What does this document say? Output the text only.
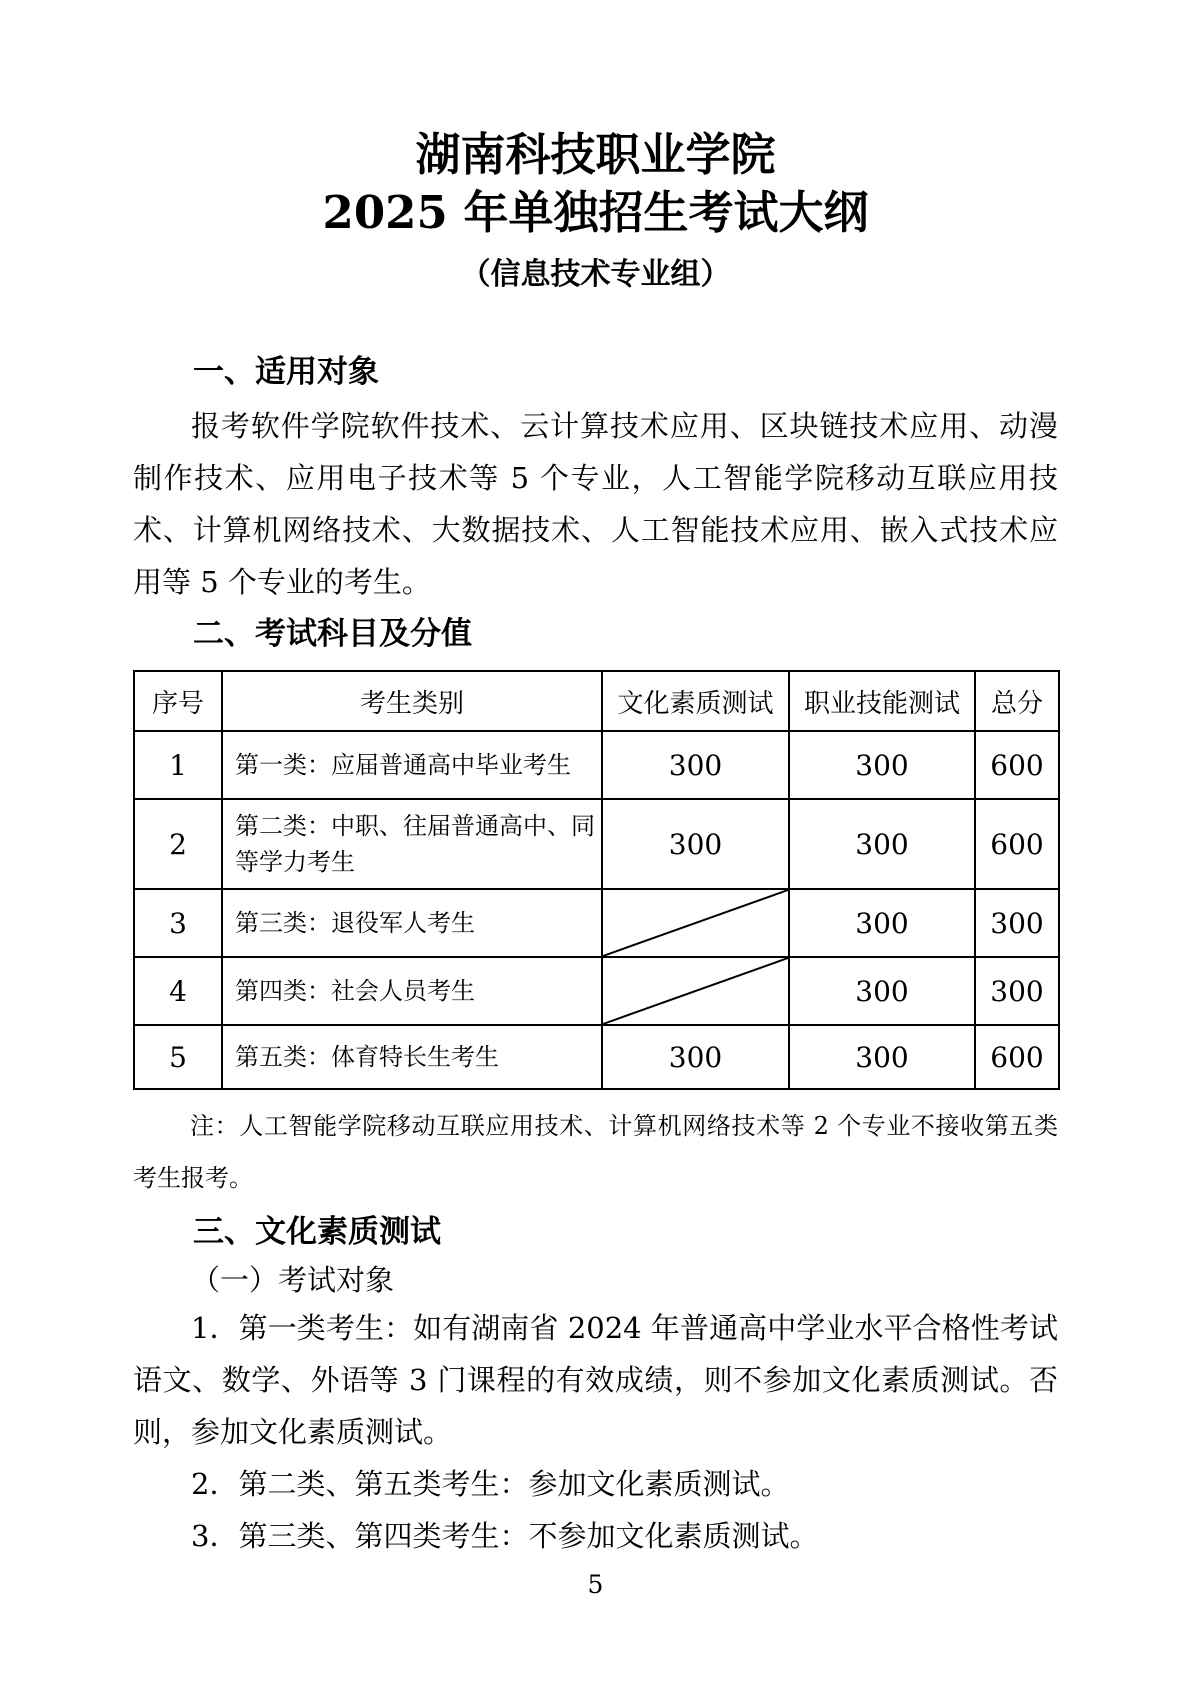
湖南科技职业学院
2025 年单独招生考试大纲
（信息技术专业组）
一、适用对象
报考软件学院软件技术、云计算技术应用、区块链技术应用、动漫制作技术、应用电子技术等 5 个专业，人工智能学院移动互联应用技术、计算机网络技术、大数据技术、人工智能技术应用、嵌入式技术应用等 5 个专业的考生。
二、考试科目及分值
序号	考生类别	文化素质测试	职业技能测试	总分
1	第一类：应届普通高中毕业考生	300	300	600
2	第二类：中职、往届普通高中、同等学力考生	300	300	600
3	第三类：退役军人考生		300	300
4	第四类：社会人员考生		300	300
5	第五类：体育特长生考生	300	300	600
注：人工智能学院移动互联应用技术、计算机网络技术等 2 个专业不接收第五类考生报考。
三、文化素质测试
（一）考试对象

1．第一类考生：如有湖南省 2024 年普通高中学业水平合格性考试语文、数学、外语等 3 门课程的有效成绩，则不参加文化素质测试。否则，参加文化素质测试。

2．第二类、第五类考生：参加文化素质测试。

3．第三类、第四类考生：不参加文化素质测试。

5
